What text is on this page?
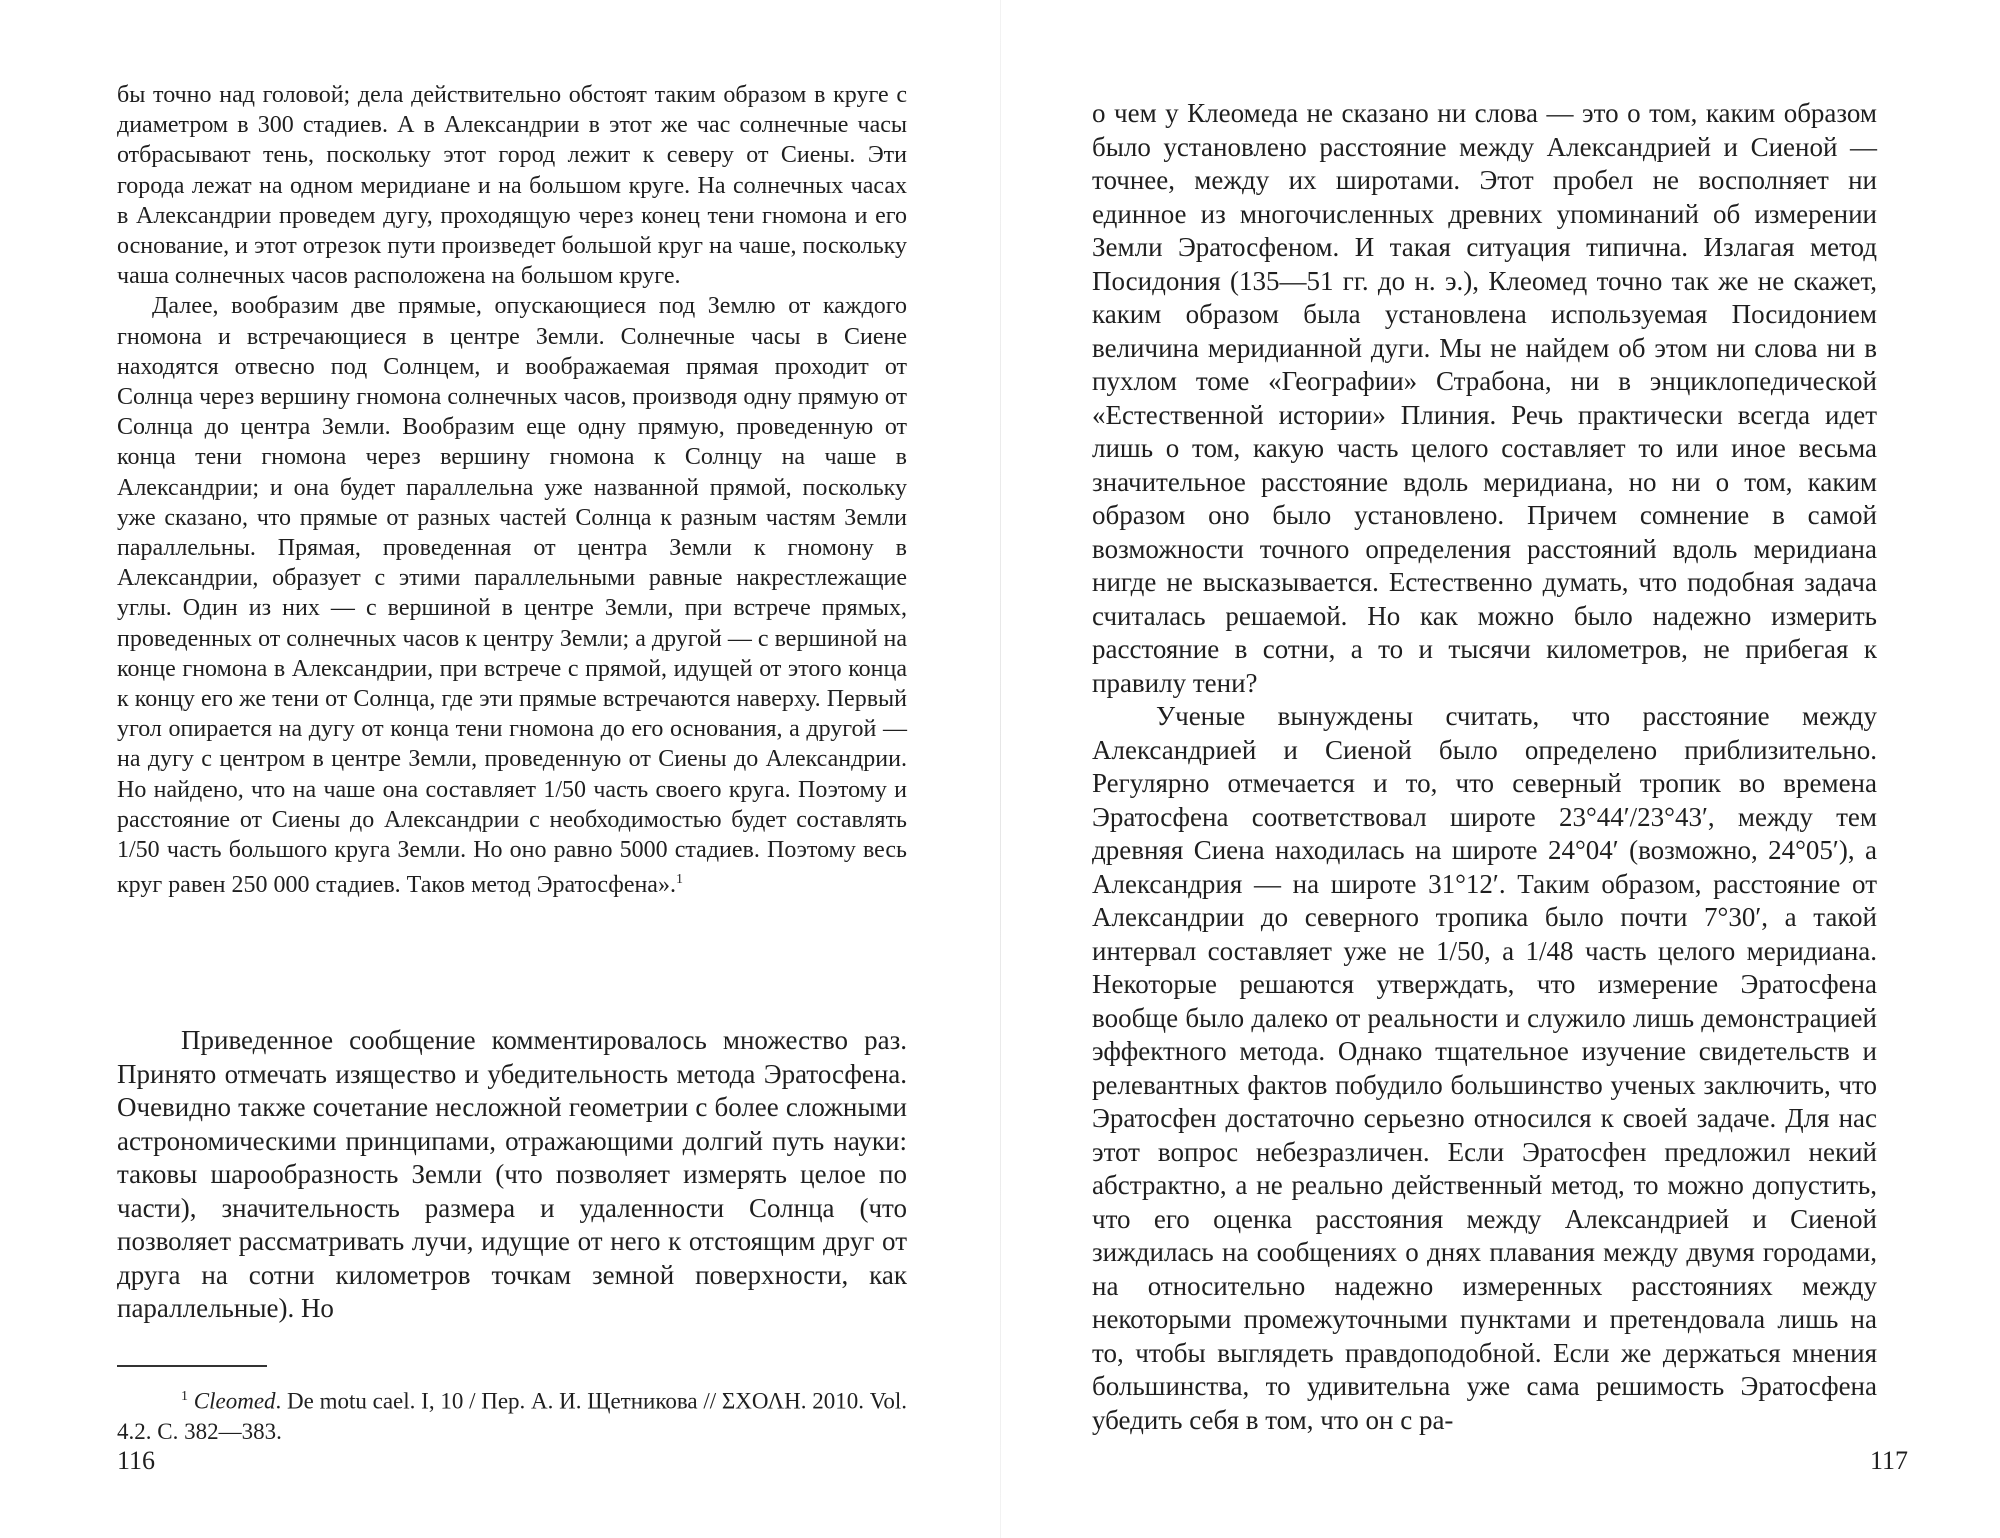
бы точно над головой; дела действительно обстоят таким образом в круге с диаметром в 300 стадиев. А в Александрии в этот же час солнечные часы отбрасывают тень, поскольку этот город лежит к северу от Сиены. Эти города лежат на одном меридиане и на большом круге. На солнечных часах в Александрии проведем дугу, проходящую через конец тени гномона и его основание, и этот отрезок пути произведет большой круг на чаше, поскольку чаша солнечных часов расположена на большом круге.

Далее, вообразим две прямые, опускающиеся под Землю от каждого гномона и встречающиеся в центре Земли. Солнечные часы в Сиене находятся отвесно под Солнцем, и воображаемая прямая проходит от Солнца через вершину гномона солнечных часов, производя одну прямую от Солнца до центра Земли. Вообразим еще одну прямую, проведенную от конца тени гномона через вершину гномона к Солнцу на чаше в Александрии; и она будет параллельна уже названной прямой, поскольку уже сказано, что прямые от разных частей Солнца к разным частям Земли параллельны. Прямая, проведенная от центра Земли к гномону в Александрии, образует с этими параллельными равные накрестлежащие углы. Один из них — с вершиной в центре Земли, при встрече прямых, проведенных от солнечных часов к центру Земли; а другой — с вершиной на конце гномона в Александрии, при встрече с прямой, идущей от этого конца к концу его же тени от Солнца, где эти прямые встречаются наверху. Первый угол опирается на дугу от конца тени гномона до его основания, а другой — на дугу с центром в центре Земли, проведенную от Сиены до Александрии. Но найдено, что на чаше она составляет 1/50 часть своего круга. Поэтому и расстояние от Сиены до Александрии с необходимостью будет составлять 1/50 часть большого круга Земли. Но оно равно 5000 стадиев. Поэтому весь круг равен 250 000 стадиев. Таков метод Эратосфена».$^1$

Приведенное сообщение комментировалось множество раз. Принято отмечать изящество и убедительность метода Эратосфена. Очевидно также сочетание несложной геометрии с более сложными астрономическими принципами, отражающими долгий путь науки: таковы шарообразность Земли (что позволяет измерять целое по части), значительность размера и удаленности Солнца (что позволяет рассматривать лучи, идущие от него к отстоящим друг от друга на сотни километров точкам земной поверхности, как параллельные). Но

$^1$ Cleomed. De motu cael. I, 10 / Пер. А. И. Щетникова // ΣΧΟΛΗ. 2010. Vol. 4.2. С. 382—383.

116

о чем у Клеомеда не сказано ни слова — это о том, каким образом было установлено расстояние между Александрией и Сиеной — точнее, между их широтами. Этот пробел не восполняет ни единное из многочисленных древних упоминаний об измерении Земли Эратосфеном. И такая ситуация типична. Излагая метод Посидония (135—51 гг. до н. э.), Клеомед точно так же не скажет, каким образом была установлена используемая Посидонием величина меридианной дуги. Мы не найдем об этом ни слова ни в пухлом томе «Географии» Страбона, ни в энциклопедической «Естественной истории» Плиния. Речь практически всегда идет лишь о том, какую часть целого составляет то или иное весьма значительное расстояние вдоль меридиана, но ни о том, каким образом оно было установлено. Причем сомнение в самой возможности точного определения расстояний вдоль меридиана нигде не высказывается. Естественно думать, что подобная задача считалась решаемой. Но как можно было надежно измерить расстояние в сотни, а то и тысячи километров, не прибегая к правилу тени?

Ученые вынуждены считать, что расстояние между Александрией и Сиеной было определено приблизительно. Регулярно отмечается и то, что северный тропик во времена Эратосфена соответствовал широте 23°44′/23°43′, между тем древняя Сиена находилась на широте 24°04′ (возможно, 24°05′), а Александрия — на широте 31°12′. Таким образом, расстояние от Александрии до северного тропика было почти 7°30′, а такой интервал составляет уже не 1/50, а 1/48 часть целого меридиана. Некоторые решаются утверждать, что измерение Эратосфена вообще было далеко от реальности и служило лишь демонстрацией эффектного метода. Однако тщательное изучение свидетельств и релевантных фактов побудило большинство ученых заключить, что Эратосфен достаточно серьезно относился к своей задаче. Для нас этот вопрос небезразличен. Если Эратосфен предложил некий абстрактно, а не реально действенный метод, то можно допустить, что его оценка расстояния между Александрией и Сиеной зиждилась на сообщениях о днях плавания между двумя городами, на относительно надежно измеренных расстояниях между некоторыми промежуточными пунктами и претендовала лишь на то, чтобы выглядеть правдоподобной. Если же держаться мнения большинства, то удивительна уже сама решимость Эратосфена убедить себя в том, что он с ра-

117
